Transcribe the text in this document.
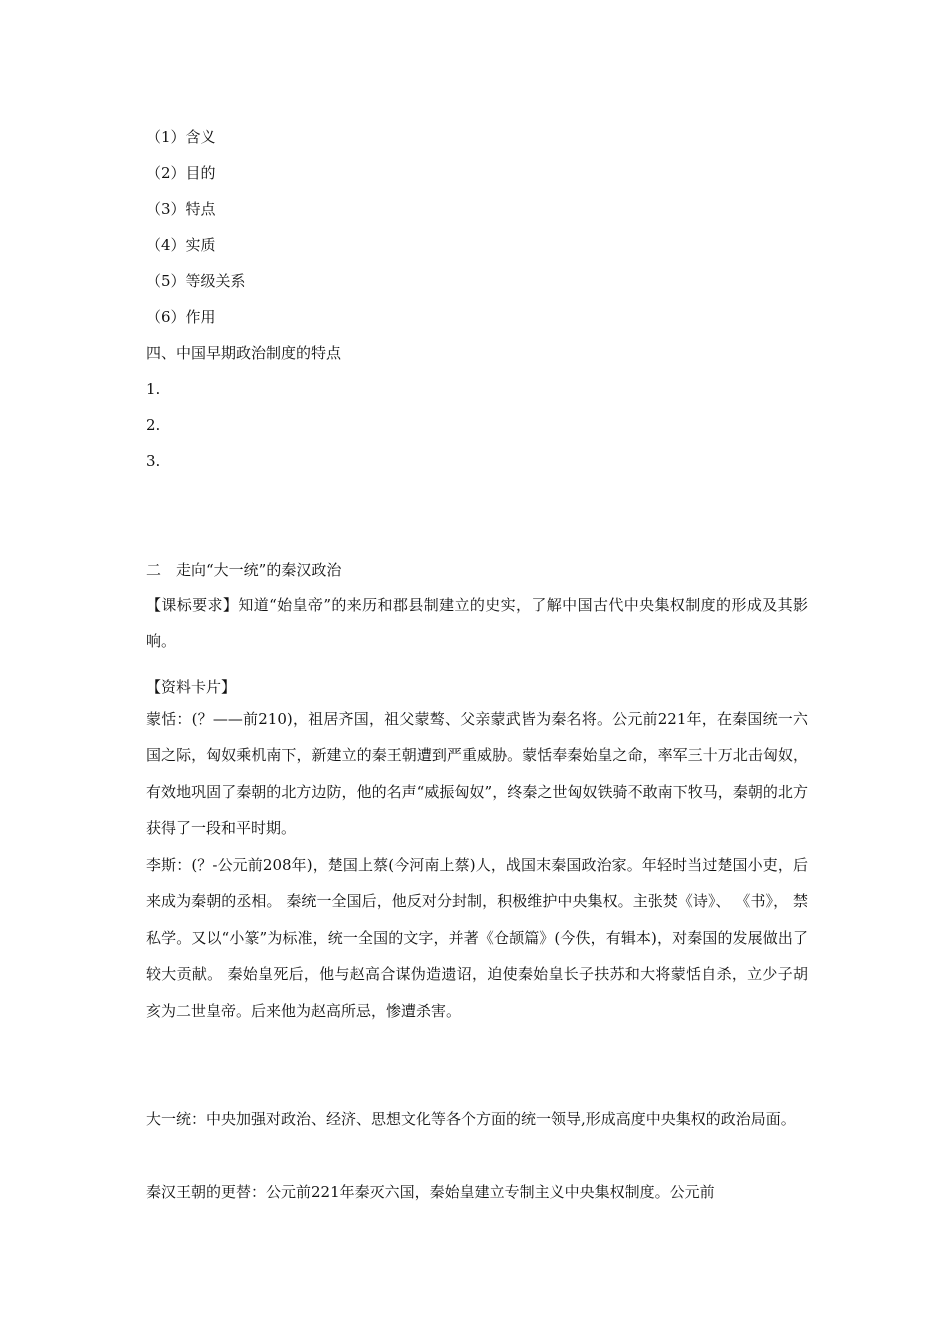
（1）含义
（2）目的
（3）特点
（4）实质
（5）等级关系
（6）作用
四、中国早期政治制度的特点
1.
2.
3.
二　走向“大一统”的秦汉政治
【课标要求】知道“始皇帝”的来历和郡县制建立的史实，了解中国古代中央集权制度的形成及其影响。
【资料卡片】
蒙恬：(？——前210)，祖居齐国，祖父蒙骜、父亲蒙武皆为秦名将。公元前221年，在秦国统一六国之际，匈奴乘机南下，新建立的秦王朝遭到严重威胁。蒙恬奉秦始皇之命，率军三十万北击匈奴，有效地巩固了秦朝的北方边防，他的名声“威振匈奴”，终秦之世匈奴铁骑不敢南下牧马，秦朝的北方获得了一段和平时期。
李斯：(？-公元前208年)，楚国上蔡(今河南上蔡)人，战国末秦国政治家。年轻时当过楚国小吏，后来成为秦朝的丞相。 秦统一全国后，他反对分封制，积极维护中央集权。主张焚《诗》、 《书》， 禁私学。又以“小篆”为标准，统一全国的文字，并著《仓颉篇》(今佚，有辑本)，对秦国的发展做出了较大贡献。 秦始皇死后，他与赵高合谋伪造遗诏，迫使秦始皇长子扶苏和大将蒙恬自杀，立少子胡亥为二世皇帝。后来他为赵高所忌，惨遭杀害。
大一统：中央加强对政治、经济、思想文化等各个方面的统一领导,形成高度中央集权的政治局面。
秦汉王朝的更替：公元前221年秦灭六国，秦始皇建立专制主义中央集权制度。公元前
